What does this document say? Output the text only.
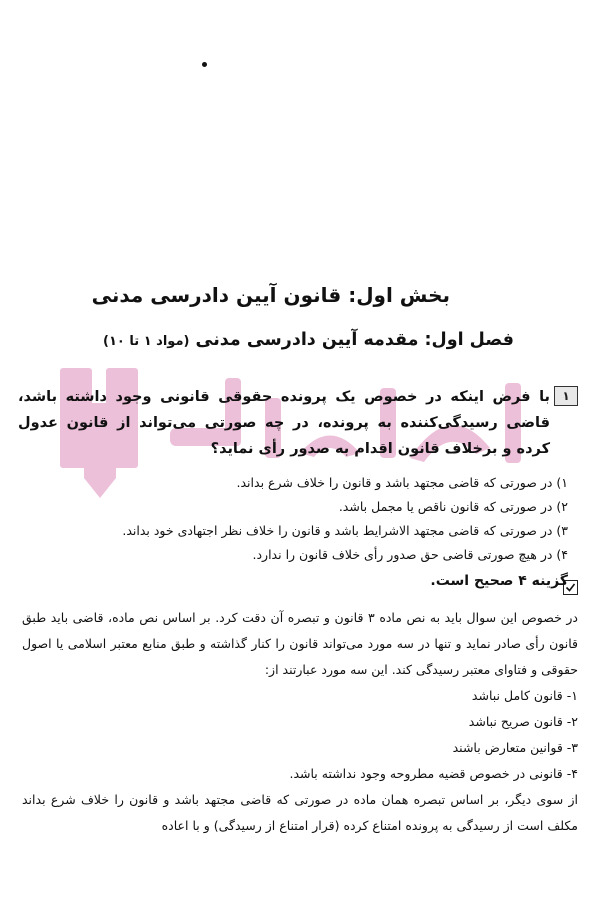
بخش اول: قانون آیین دادرسی مدنی
فصل اول: مقدمه آیین دادرسی مدنی (مواد ۱ تا ۱۰)
۱

با فرض اینکه در خصوص یک پرونده حقوقی قانونی وجود داشته باشد، قاضی رسیدگی‌کننده به پرونده، در چه صورتی می‌تواند از قانون عدول کرده و برخلاف قانون اقدام به صدور رأی نماید؟

۱) در صورتی که قاضی مجتهد باشد و قانون را خلاف شرع بداند.
۲) در صورتی که قانون ناقص یا مجمل باشد.
۳) در صورتی که قاضی مجتهد الاشرایط باشد و قانون را خلاف نظر اجتهادی خود بداند.
۴) در هیچ صورتی قاضی حق صدور رأی خلاف قانون را ندارد.
گزینه ۴ صحیح است.

در خصوص این سوال باید به نص ماده ۳ قانون و تبصره آن دقت کرد. بر اساس نص ماده، قاضی باید طبق قانون رأی صادر نماید و تنها در سه مورد می‌تواند قانون را کنار گذاشته و طبق منابع معتبر اسلامی یا اصول حقوقی و فتاوای معتبر رسیدگی کند. این سه مورد عبارتند از:

۱- قانون کامل نباشد
۲- قانون صریح نباشد
۳- قوانین متعارض باشند
۴- قانونی در خصوص قضیه مطروحه وجود نداشته باشد.

از سوی دیگر، بر اساس تبصره همان ماده در صورتی که قاضی مجتهد باشد و قانون را خلاف شرع بداند مکلف است از رسیدگی به پرونده امتناع کرده (قرار امتناع از رسیدگی) و با اعاده
